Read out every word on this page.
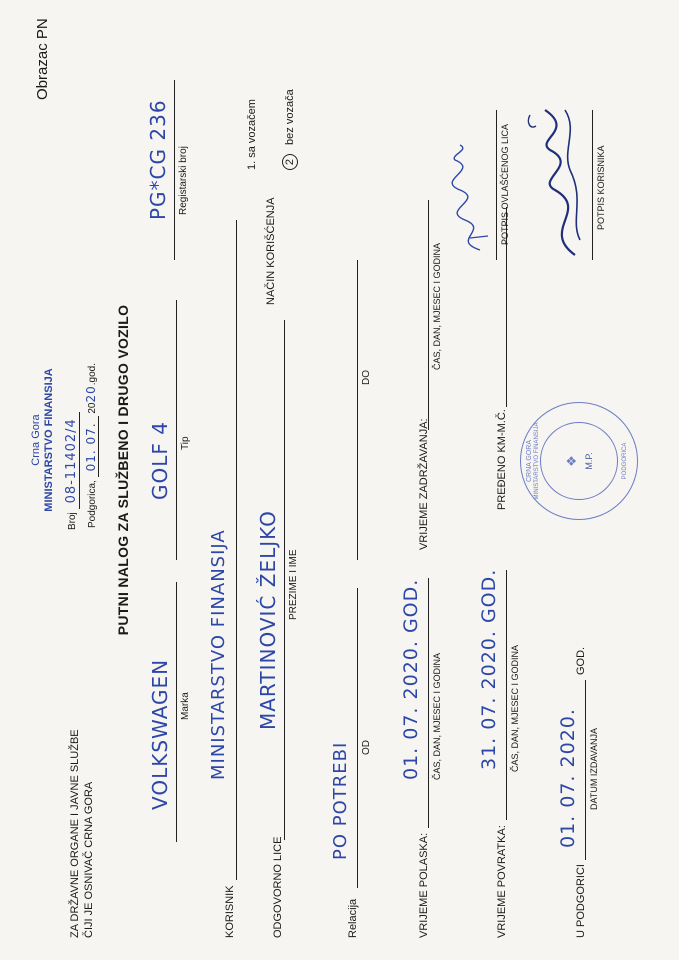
ZA DRŽAVNE ORGANE I JAVNE SLUŽBE ČIJI JE OSNIVAČ CRNA GORA
Obrazac PN
Crna Gora MINISTARSTVO FINANSIJA
Broj 08-11402/4
Podgorica, 01. 07. 2020.god. PUTNI NALOG ZA SLUŽBENO I DRUGO VOZILO
VOLKSWAGEN Marka
GOLF 4 Tip
PG*CG 236 Registarski broj
KORISNIK
MINISTARSTVO FINANSIJA
NAČIN KORIŠĆENJA
1. sa vozačem 2 bez vozača
ODGOVORNO LICE
MARTINOVIĆ ŽELJKO PREZIME I IME
Relacija
PO POTREBI OD
DO
VRIJEME POLASKA:
01. 07. 2020. GOD. ČAS, DAN, MJESEC I GODINA
VRIJEME ZADRŽAVANJA:
ČAS, DAN, MJESEC I GODINA
VRIJEME POVRATKA:
31. 07. 2020. GOD. ČAS, DAN, MJESEC I GODINA
PREĐENO KM-M.Č.
U PODGORICI
01. 07. 2020.
GOD.
DATUM IZDAVANJA
CRNA GORA MINISTARSTVO FINANSIJA	PODGORICA
❖ M.P.
POTPIS OVLAŠĆENOG LICA	POTPIS KORISNIKA
